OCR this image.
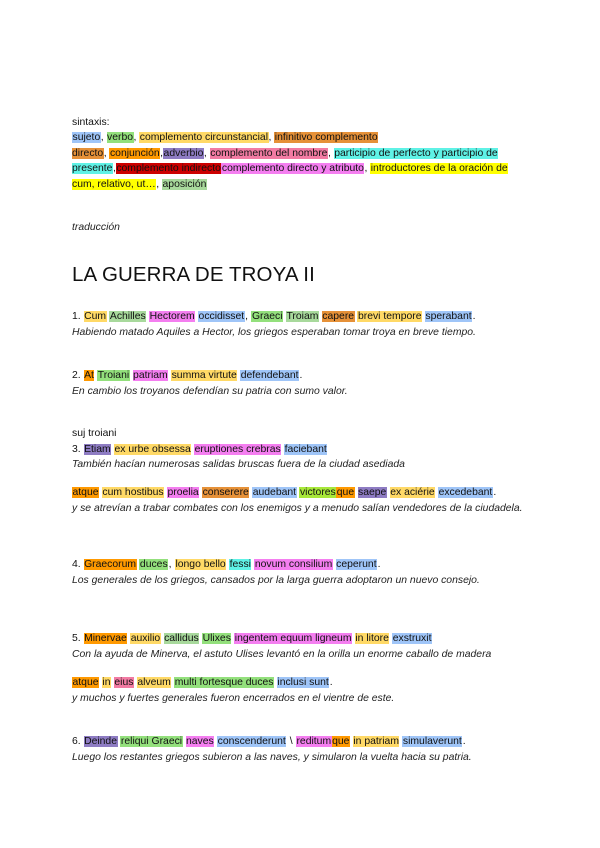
sintaxis:
sujeto, verbo, complemento circunstancial, infinitivo complemento directo, conjunción,adverbio, complemento del nombre, participio de perfecto y participio de presente,complemento indirectocomplemento directo y atributo, introductores de la oración de cum, relativo, ut…, aposición
traducción
LA GUERRA DE TROYA II
1. Cum Achilles Hectorem occidisset, Graeci Troiam capere brevi tempore sperabant.
Habiendo matado Aquiles a Hector, los griegos esperaban tomar troya en breve tiempo.
2. At Troiani patriam summa virtute defendebant.
En cambio los troyanos defendían su patria con sumo valor.
suj troiani
3. Etiam ex urbe obsessa eruptiones crebras faciebant
También hacían numerosas salidas bruscas fuera de la ciudad asediada
atque cum hostibus proelia conserere audebant victoresque saepe ex aciérie excedebant.
y se atrevían a trabar combates con los enemigos y a menudo salían vendedores de la ciudadela.
4. Graecorum duces, longo bello fessi novum consilium ceperunt.
Los generales de los griegos, cansados por la larga guerra adoptaron un nuevo consejo.
5. Minervae auxilio callidus Ulixes ingentem equum ligneum in litore exstruxit
Con la ayuda de Minerva, el astuto Ulises levantó en la orilla un enorme caballo de madera
atque in eius alveum multi fortesque duces inclusi sunt.
y muchos y fuertes generales fueron encerrados en el vientre de este.
6. Deinde reliqui Graeci naves conscenderunt \ reditumque in patriam simulaverunt.
Luego los restantes griegos subieron a las naves, y simularon la vuelta hacia su patria.
